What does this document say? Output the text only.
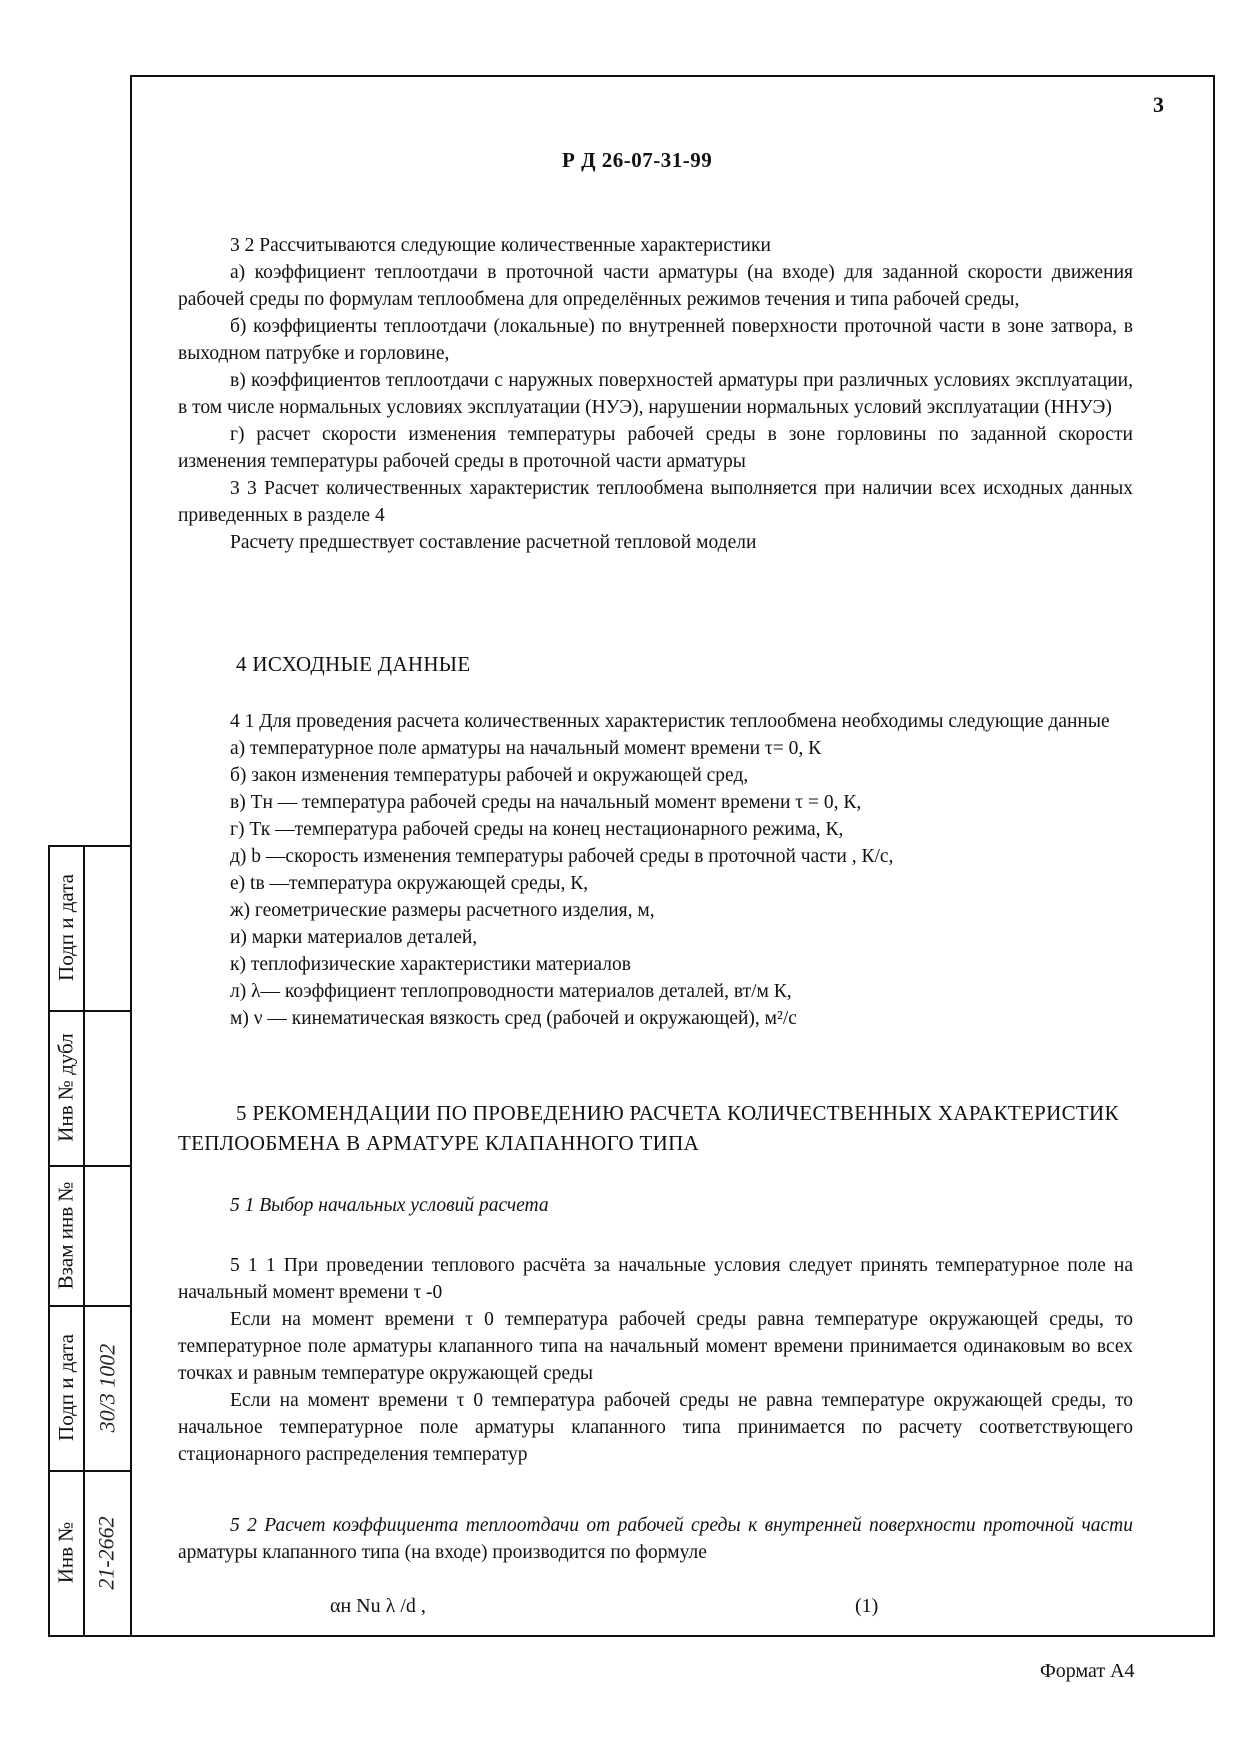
3
Подп и дата
Инв № дубл
Взам инв №
Подп и дата
Инв №
30/3 1002
21-2662
Р Д 26-07-31-99

3 2 Рассчитываются следующие количественные характеристики

а) коэффициент теплоотдачи в проточной части арматуры (на входе) для заданной скорости движения рабочей среды по формулам теплообмена для определённых режимов течения и типа рабочей среды,

б) коэффициенты теплоотдачи (локальные) по внутренней поверхности проточной части в зоне затвора, в выходном патрубке и горловине,

в) коэффициентов теплоотдачи с наружных поверхностей арматуры при различных условиях эксплуатации, в том числе нормальных условиях эксплуатации (НУЭ), нарушении нормальных условий эксплуатации (ННУЭ)

г) расчет скорости изменения температуры рабочей среды в зоне горловины по заданной скорости изменения температуры рабочей среды в проточной части арматуры

3 3 Расчет количественных характеристик теплообмена выполняется при наличии всех исходных данных приведенных в разделе 4

Расчету предшествует составление расчетной тепловой модели

4 ИСХОДНЫЕ ДАННЫЕ

4 1 Для проведения расчета количественных характеристик теплообмена необходимы следующие данные

а) температурное поле арматуры на начальный момент времени τ= 0, К

б) закон изменения температуры рабочей и окружающей сред,

в) Тн — температура рабочей среды на начальный момент времени τ = 0, К,

г) Тк —температура рабочей среды на конец нестационарного режима, К,

д) b —скорость изменения температуры рабочей среды в проточной части , К/с,

е) tв —температура окружающей среды, К,

ж) геометрические размеры расчетного изделия, м,

и) марки материалов деталей,

к) теплофизические характеристики материалов

л) λ— коэффициент теплопроводности материалов деталей, вт/м К,

м) ν — кинематическая вязкость сред (рабочей и окружающей), м²/с

5 РЕКОМЕНДАЦИИ ПО ПРОВЕДЕНИЮ РАСЧЕТА КОЛИЧЕСТВЕННЫХ ХАРАКТЕРИСТИК ТЕПЛООБМЕНА В АРМАТУРЕ КЛАПАННОГО ТИПА

5 1 Выбор начальных условий расчета

5 1 1 При проведении теплового расчёта за начальные условия следует принять температурное поле на начальный момент времени τ -0

Если на момент времени τ 0 температура рабочей среды равна температуре окружающей среды, то температурное поле арматуры клапанного типа на начальный момент времени принимается одинаковым во всех точках и равным температуре окружающей среды

Если на момент времени τ 0 температура рабочей среды не равна температуре окружающей среды, то начальное температурное поле арматуры клапанного типа принимается по расчету соответствующего стационарного распределения температур

5 2 Расчет коэффициента теплоотдачи от рабочей среды к внутренней поверхности проточной части арматуры клапанного типа (на входе) производится по формуле

αн Nu λ /d ,	(1)
Формат А4
